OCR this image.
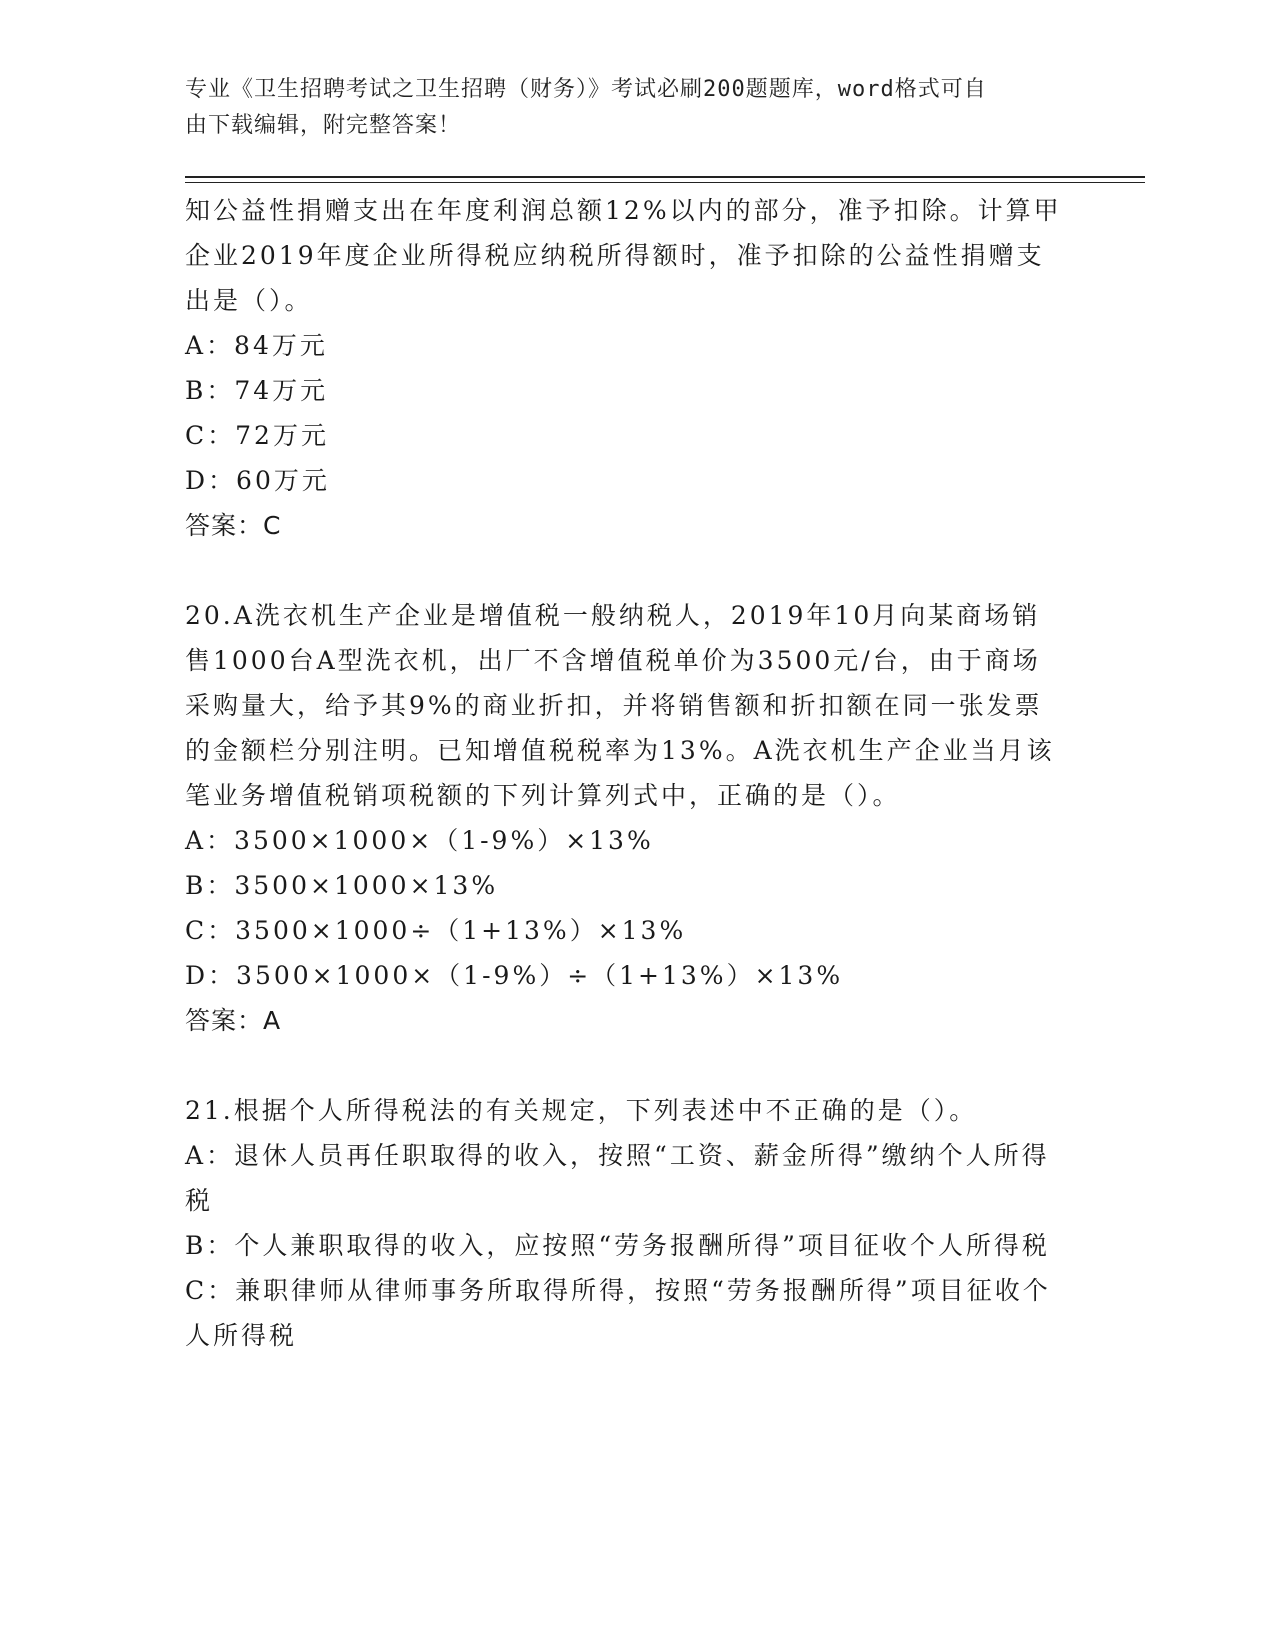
专业《卫生招聘考试之卫生招聘（财务）》考试必刷200题题库，word格式可自
由下载编辑，附完整答案！

知公益性捐赠支出在年度利润总额12%以内的部分，准予扣除。计算甲企业2019年度企业所得税应纳税所得额时，准予扣除的公益性捐赠支出是（）。

A：84万元

B：74万元

C：72万元

D：60万元

答案：C

20.A洗衣机生产企业是增值税一般纳税人，2019年10月向某商场销售1000台A型洗衣机，出厂不含增值税单价为3500元/台，由于商场采购量大，给予其9%的商业折扣，并将销售额和折扣额在同一张发票的金额栏分别注明。已知增值税税率为13%。A洗衣机生产企业当月该笔业务增值税销项税额的下列计算列式中，正确的是（）。

A：3500×1000×（1-9%）×13%

B：3500×1000×13%

C：3500×1000÷（1+13%）×13%

D：3500×1000×（1-9%）÷（1+13%）×13%

答案：A

21.根据个人所得税法的有关规定，下列表述中不正确的是（）。

A：退休人员再任职取得的收入，按照“工资、薪金所得”缴纳个人所得税

B：个人兼职取得的收入，应按照“劳务报酬所得”项目征收个人所得税

C：兼职律师从律师事务所取得所得，按照“劳务报酬所得”项目征收个人所得税
